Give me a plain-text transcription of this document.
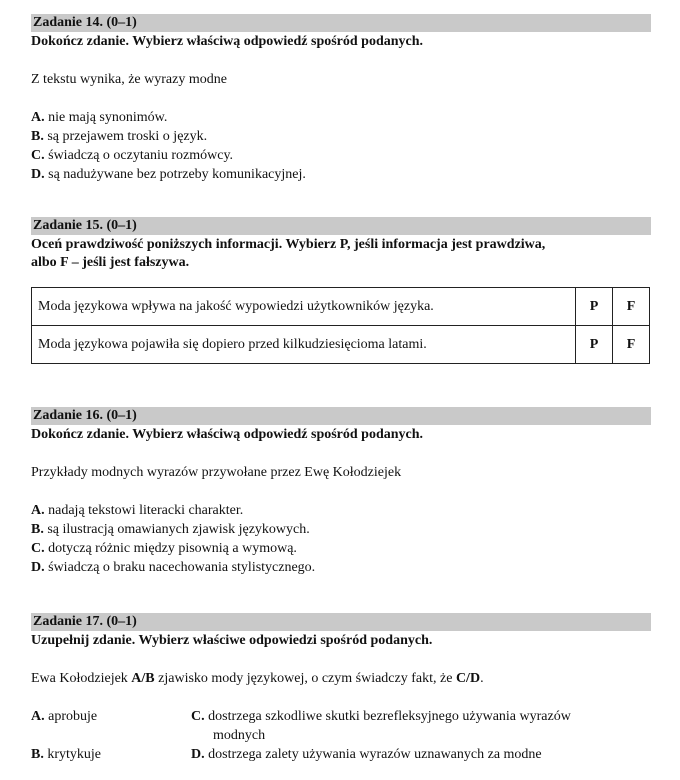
Zadanie 14. (0–1)
Dokończ zdanie. Wybierz właściwą odpowiedź spośród podanych.
Z tekstu wynika, że wyrazy modne
A. nie mają synonimów.
B. są przejawem troski o język.
C. świadczą o oczytaniu rozmówcy.
D. są nadużywane bez potrzeby komunikacyjnej.
Zadanie 15. (0–1)
Oceń prawdziwość poniższych informacji. Wybierz P, jeśli informacja jest prawdziwa,
albo F – jeśli jest fałszywa.
Moda językowa wpływa na jakość wypowiedzi użytkowników języka.	P	F
Moda językowa pojawiła się dopiero przed kilkudziesięcioma latami.	P	F
Zadanie 16. (0–1)
Dokończ zdanie. Wybierz właściwą odpowiedź spośród podanych.
Przykłady modnych wyrazów przywołane przez Ewę Kołodziejek
A. nadają tekstowi literacki charakter.
B. są ilustracją omawianych zjawisk językowych.
C. dotyczą różnic między pisownią a wymową.
D. świadczą o braku nacechowania stylistycznego.
Zadanie 17. (0–1)
Uzupełnij zdanie. Wybierz właściwe odpowiedzi spośród podanych.
Ewa Kołodziejek A/B zjawisko mody językowej, o czym świadczy fakt, że C/D.
A. aprobuje	C. dostrzega szkodliwe skutki bezrefleksyjnego używania wyrazów
modnych
B. krytykuje	D. dostrzega zalety używania wyrazów uznawanych za modne
